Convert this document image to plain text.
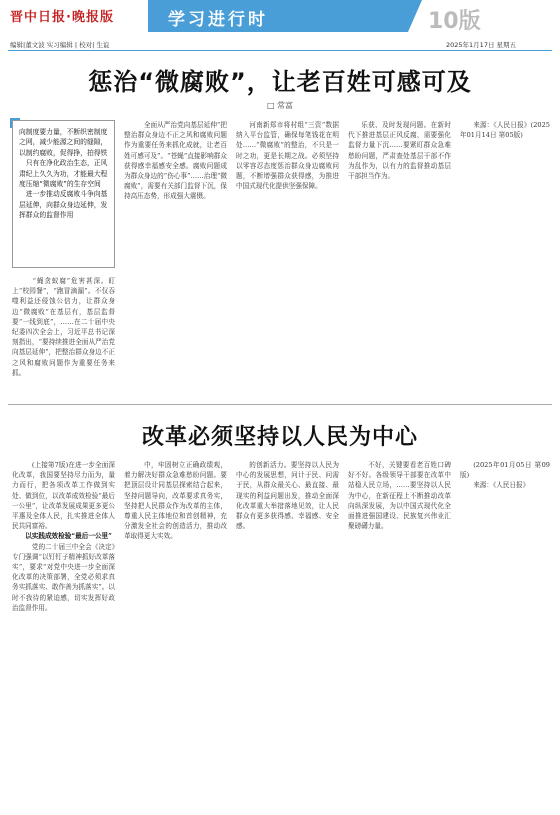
晋中日报·晚报版
编辑|董文波 实习编辑 | 校对| 生谊
学习进行时	10版
2025年1月17日 星期五
惩治“微腐败”，让老百姓可感可及
□ 常富
向制度要力量，不断织密制度之网，减少能源之间的缝隙，以制约腐败，促得挣，拍得铁
　只有在净化政治生态，正风肃纪上久久为功，才能最大程度压缩“微腐败”的生存空间
　进一步推动反腐败斗争向基层延伸，向群众身边延伸，发挥群众的监督作用

　“蝇贪蚁腐”危害甚深。盯上“校园餐”，“跑冒滴漏”。不仅吞噬利益还侵蚀公信力，让群众身边“微腐败”在基层有，基层监督要“一线到底”，……在二十届中央纪委四次全会上，习近平总书记深刻指出，“要持续推进全面从严治党向基层延伸”，把整治群众身边不正之风和腐败问题作为重要任务来抓。

　全面从严治党向基层延伸“把整治群众身边不正之风和腐败问题作为重要任务来抓化成就，让老百姓可感可及”。“苍蝇”直接影响群众获得感幸福感安全感。腐败问题成为群众身边的“伤心事”……治理“微腐败”，需要有关部门监督下沉，保持高压态势，形成强大震慑。

河南新郑市将村组“三资”数据纳入平台监管，确保每笔钱花在明处……“微腐败”的整治，不只是一时之功，更是长期之战。必须坚持以零容忍态度惩治群众身边腐败问题，不断增强群众获得感，为推进中国式现代化提供坚强保障。

乐获、及时发现问题。在新时代下推进基层正风反腐，需要强化监督力量下沉……要紧盯群众急难愁盼问题，严肃查处基层干部不作为乱作为，以有力的监督推动基层干部担当作为。

来源：《人民日报》(2025年01月14日 第05版)

改革必须坚持以人民为中心

　(上接第7版)在进一步全面深化改革，我国要坚持尽力而为，量力而行，把各项改革工作做到实处、做到位，以改革成效检验“最后一公里”，让改革发展成果更多更公平惠及全体人民，扎实推进全体人民共同富裕。

以实践成效检验“最后一公里”

　党的二十届三中全会《决定》专门强调“以钉钉子精神抓好改革落实”，要求“对党中央进一步全面深化改革的决策部署，全党必须求真务实抓落实、敢作善为抓落实”。以时不我待的紧迫感，切实发挥好政治监督作用。

　中，牢固树立正确政绩观，着力解决好群众急难愁盼问题。要把顶层设计同基层探索结合起来，坚持问题导向，改革要求真务实，坚持把人民群众作为改革的主体，尊重人民主体地位和首创精神，充分激发全社会的创造活力，推动改革取得更大实效。

的创新活力。要坚持以人民为中心的发展思想，问计于民、问需于民，从群众最关心、最直接、最现实的利益问题出发，推动全面深化改革重大举措落地见效，让人民群众有更多获得感、幸福感、安全感。

　不好，关键要看老百姓口碑好不好。各级领导干部要在改革中站稳人民立场，……要坚持以人民为中心，在新征程上不断推动改革向纵深发展，为以中国式现代化全面推进强国建设、民族复兴伟业汇聚磅礴力量。

(2025年01月05日 第09版)

来源：《人民日报》
